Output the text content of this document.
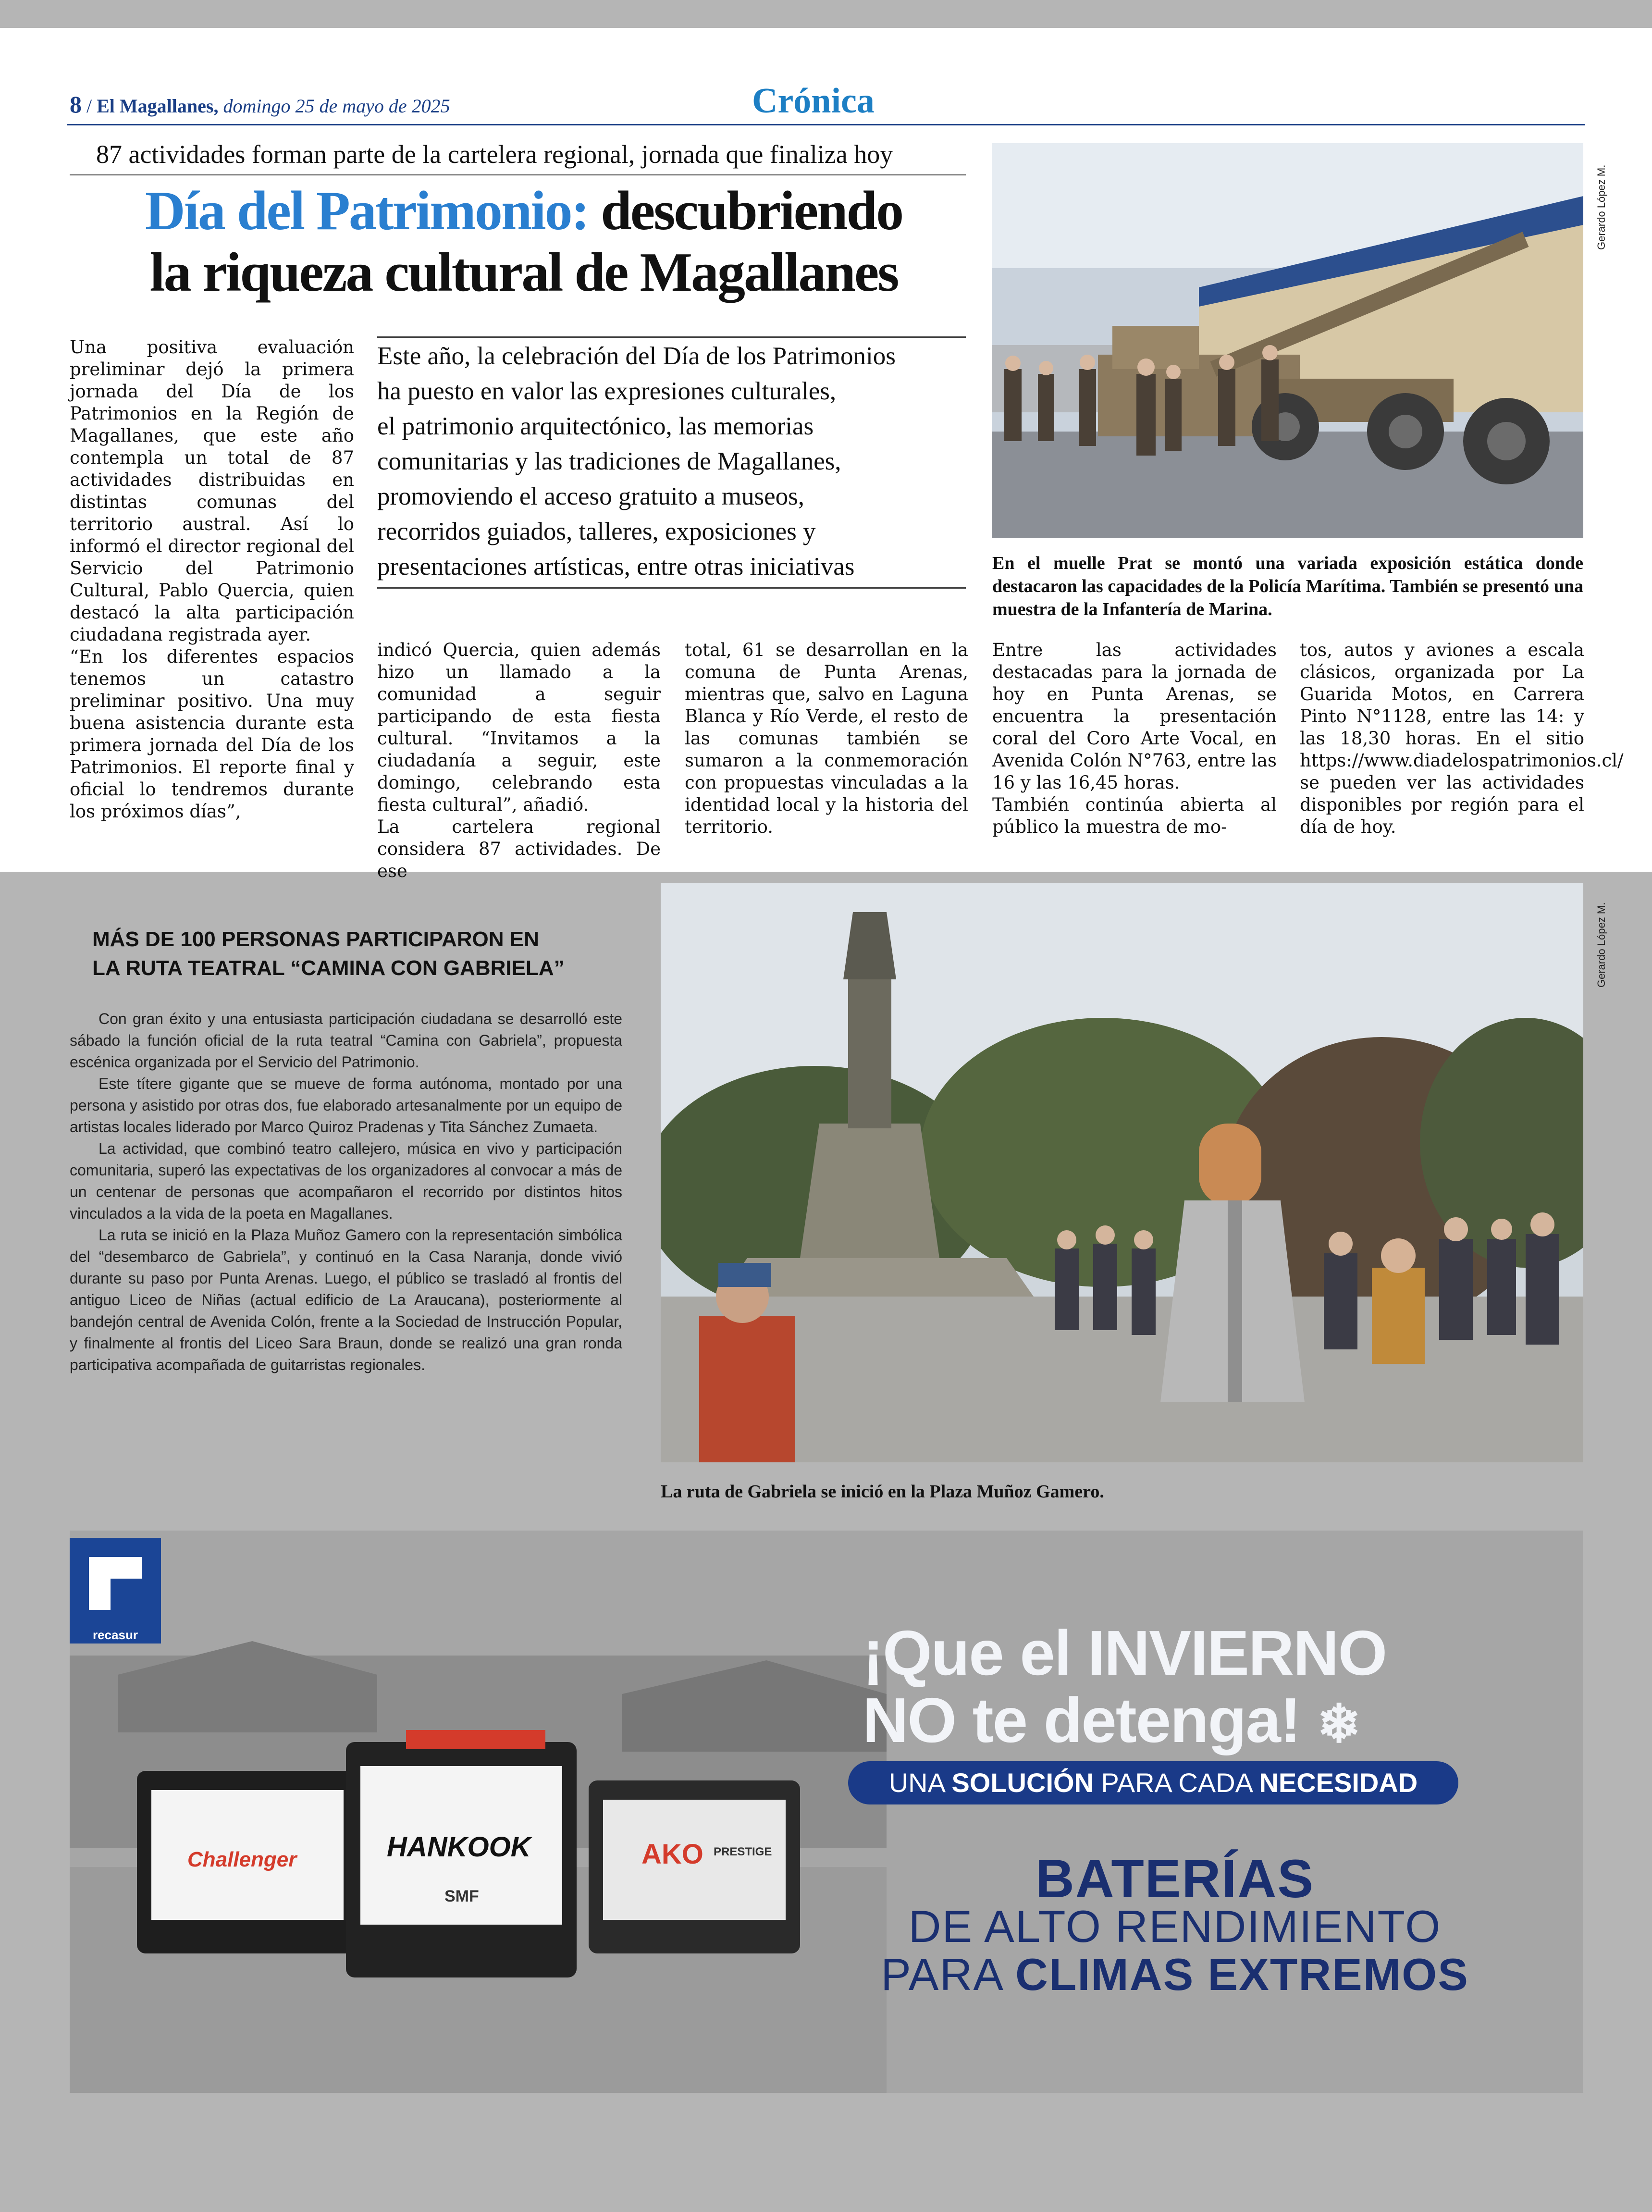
8 / El Magallanes, domingo 25 de mayo de 2025	Crónica
87 actividades forman parte de la cartelera regional, jornada que finaliza hoy
Día del Patrimonio: descubriendo
la riqueza cultural de Magallanes
Gerardo López M.
En el muelle Prat se montó una variada exposición estática donde destacaron las capacidades de la Policía Marítima. También se presentó una muestra de la Infantería de Marina.
Este año, la celebración del Día de los Patrimonios
ha puesto en valor las expresiones culturales,
el patrimonio arquitectónico, las memorias
comunitarias y las tradiciones de Magallanes,
promoviendo el acceso gratuito a museos,
recorridos guiados, talleres, exposiciones y
presentaciones artísticas, entre otras iniciativas

Una positiva evaluación preliminar dejó la primera jornada del Día de los Patrimonios en la Región de Magallanes, que este año contempla un total de 87 actividades distribuidas en distintas comunas del territorio austral. Así lo informó el director regional del Servicio del Patrimonio Cultural, Pablo Quercia, quien destacó la alta participación ciudadana registrada ayer.
“En los diferentes espacios tenemos un catastro preliminar positivo. Una muy buena asistencia durante esta primera jornada del Día de los Patrimonios. El reporte final y oficial lo tendremos durante los próximos días”,

indicó Quercia, quien además hizo un llamado a la comunidad a seguir participando de esta fiesta cultural. “Invitamos a la ciudadanía a seguir, este domingo, celebrando esta fiesta cultural”, añadió.
La cartelera regional considera 87 actividades. De ese

total, 61 se desarrollan en la comuna de Punta Arenas, mientras que, salvo en Laguna Blanca y Río Verde, el resto de las comunas también se sumaron a la conmemoración con propuestas vinculadas a la identidad local y la historia del territorio.

Entre las actividades destacadas para la jornada de hoy en Punta Arenas, se encuentra la presentación coral del Coro Arte Vocal, en Avenida Colón N°763, entre las 16 y las 16,45 horas.
También continúa abierta al público la muestra de mo-

tos, autos y aviones a escala clásicos, organizada por La Guarida Motos, en Carrera Pinto N°1128, entre las 14: y las 18,30 horas. En el sitio https://www.diadelospatrimonios.cl/ se pueden ver las actividades disponibles por región para el día de hoy.

MÁS DE 100 PERSONAS PARTICIPARON EN
LA RUTA TEATRAL “CAMINA CON GABRIELA”

Con gran éxito y una entusiasta participación ciudadana se desarrolló este sábado la función oficial de la ruta teatral “Camina con Gabriela”, propuesta escénica organizada por el Servicio del Patrimonio.

Este títere gigante que se mueve de forma autónoma, montado por una persona y asistido por otras dos, fue elaborado artesanalmente por un equipo de artistas locales liderado por Marco Quiroz Pradenas y Tita Sánchez Zumaeta.

La actividad, que combinó teatro callejero, música en vivo y participación comunitaria, superó las expectativas de los organizadores al convocar a más de un centenar de personas que acompañaron el recorrido por distintos hitos vinculados a la vida de la poeta en Magallanes.

La ruta se inició en la Plaza Muñoz Gamero con la representación simbólica del “desembarco de Gabriela”, y continuó en la Casa Naranja, donde vivió durante su paso por Punta Arenas. Luego, el público se trasladó al frontis del antiguo Liceo de Niñas (actual edificio de La Araucana), posteriormente al bandejón central de Avenida Colón, frente a la Sociedad de Instrucción Popular, y finalmente al frontis del Liceo Sara Braun, donde se realizó una gran ronda participativa acompañada de guitarristas regionales.

Gerardo López M.
La ruta de Gabriela se inició en la Plaza Muñoz Gamero.
Challenger	HANKOOK
SMF
AKO PRESTIGE
¡Que el INVIERNO
NO te detenga! ❄
UNA SOLUCIÓN PARA CADA NECESIDAD
BATERÍAS
DE ALTO RENDIMIENTO
PARA CLIMAS EXTREMOS
recasur
